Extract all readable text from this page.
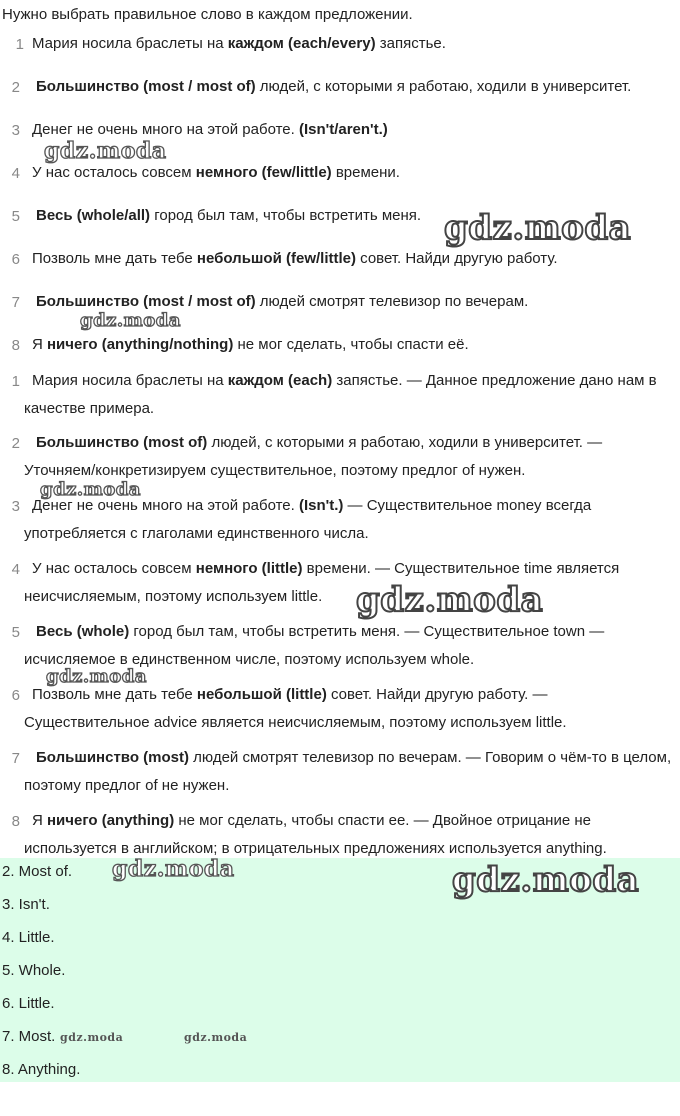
Нужно выбрать правильное слово в каждом предложении.
1 Мария носила браслеты на каждом (each/every) запястье.
2 Большинство (most / most of) людей, с которыми я работаю, ходили в университет.
3 Денег не очень много на этой работе. (Isn't/aren't.)
4 У нас осталось совсем немного (few/little) времени.
5 Весь (whole/all) город был там, чтобы встретить меня.
6 Позволь мне дать тебе небольшой (few/little) совет. Найди другую работу.
7 Большинство (most / most of) людей смотрят телевизор по вечерам.
8 Я ничего (anything/nothing) не мог сделать, чтобы спасти её.
1 Мария носила браслеты на каждом (each) запястье. — Данное предложение дано нам в качестве примера.
2	Большинство (most of) людей, с которыми я работаю, ходили в университет. — Уточняем/конкретизируем существительное, поэтому предлог of нужен.
3 Денег не очень много на этой работе. (Isn't.) — Существительное money всегда употребляется с глаголами единственного числа.
4 У нас осталось совсем немного (little) времени. — Существительное time является неисчисляемым, поэтому используем little.
5	Весь (whole) город был там, чтобы встретить меня. — Существительное town — исчисляемое в единственном числе, поэтому используем whole.
6 Позволь мне дать тебе небольшой (little) совет. Найди другую работу. — Существительное advice является неисчисляемым, поэтому используем little.
7	Большинство (most) людей смотрят телевизор по вечерам. — Говорим о чём-то в целом, поэтому предлог of не нужен.
8 Я ничего (anything) не мог сделать, чтобы спасти ее. — Двойное отрицание не используется в английском; в отрицательных предложениях используется anything.
2. Most of.
3. Isn't.
4. Little.
5. Whole.
6. Little.
7. Most.
8. Anything.
gdz.moda
gdz.moda
gdz.moda
gdz.moda
gdz.moda
gdz.moda
gdz.moda	gdz.moda
gdz.moda	gdz.moda
